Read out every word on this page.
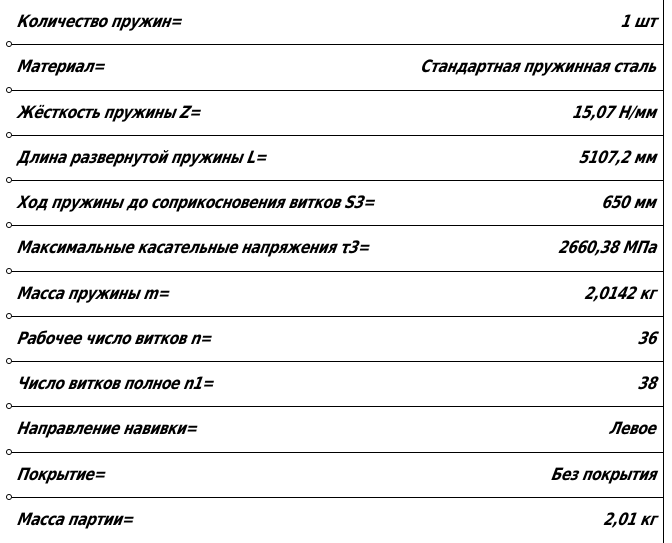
Количество пружин=	1 шт
Материал=	Стандартная пружинная сталь
Жёсткость пружины Z=	15,07 Н/мм
Длина развернутой пружины L=	5107,2 мм
Ход пружины до соприкосновения витков S3=	650 мм
Максимальные касательные напряжения τ3=	2660,38 MПа
Масса пружины m=	2,0142 кг
Рабочее число витков n=	36
Число витков полное n1=	38
Направление навивки=	Левое
Покрытие=	Без покрытия
Масса партии=	2,01 кг
